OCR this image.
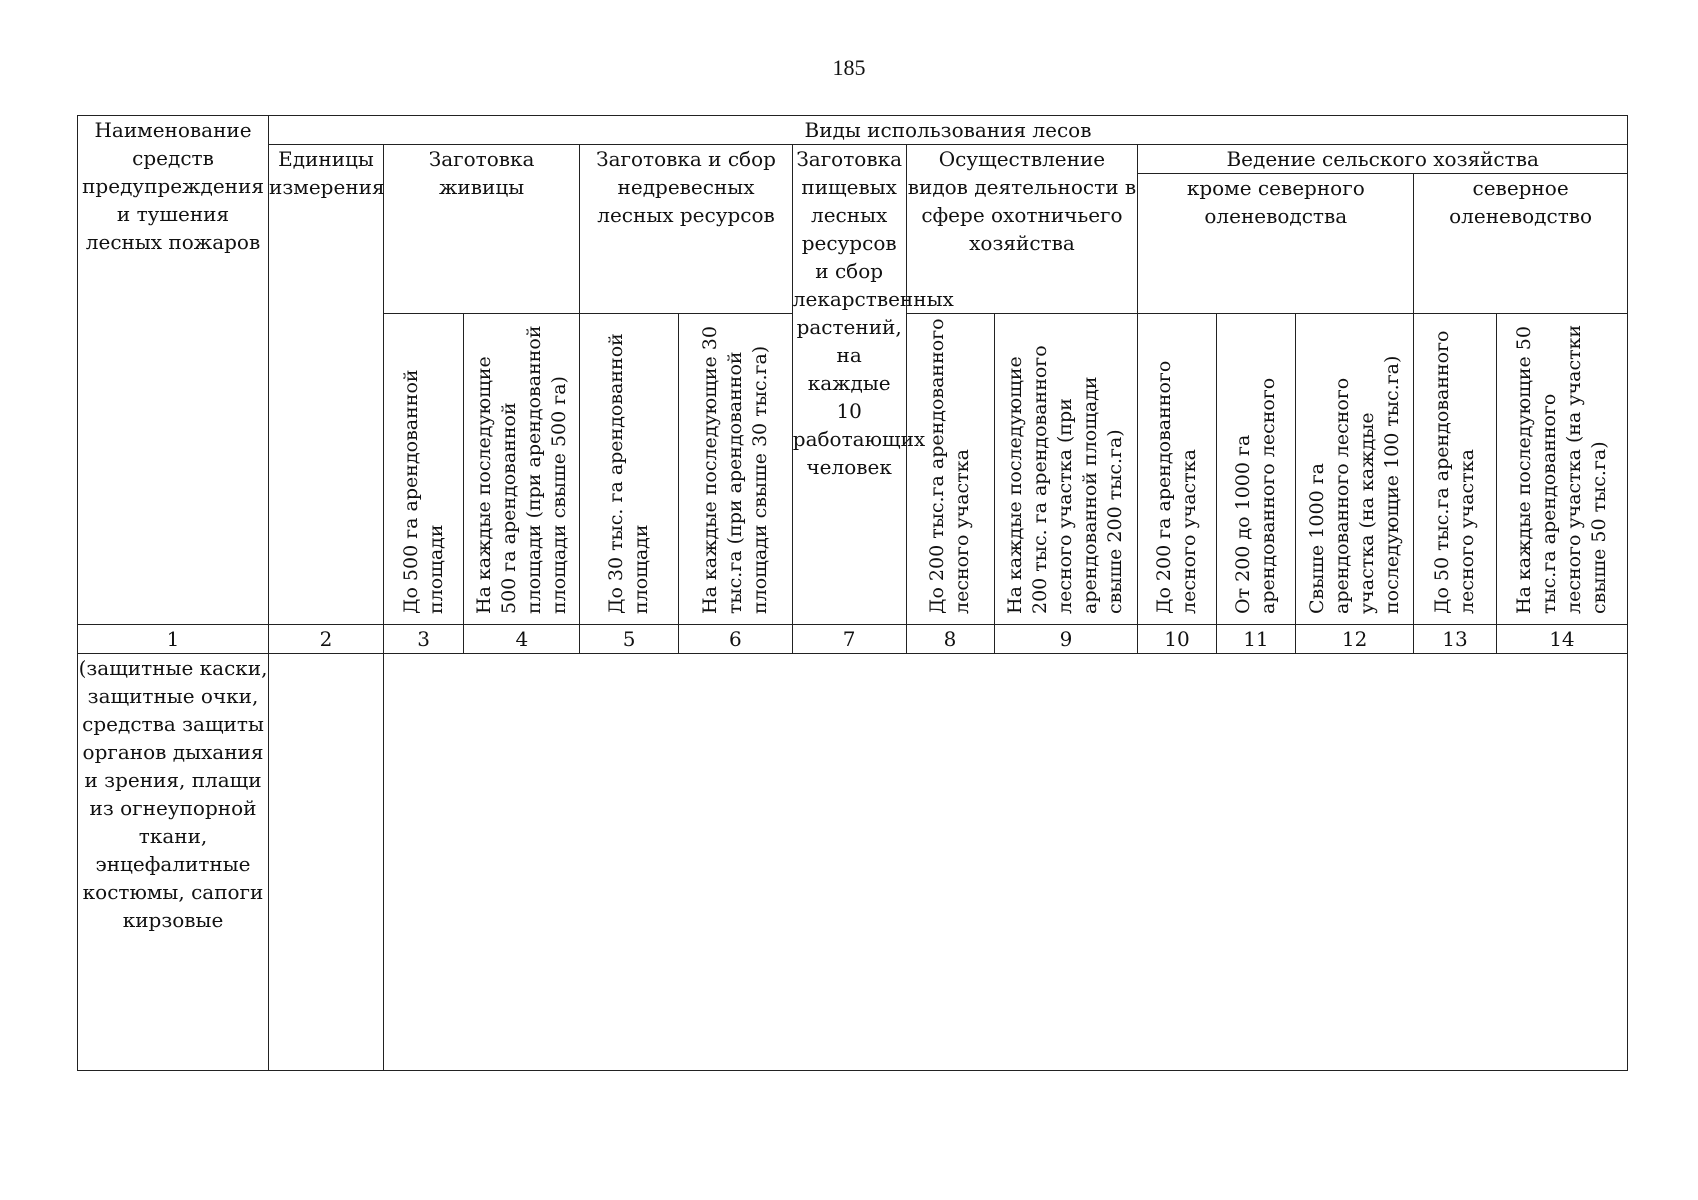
185
Наименование средств предупреждения и тушения лесных пожаров	Виды использования лесов												
	Единицы измерения	Заготовка живицы		Заготовка и сбор недревесных лесных ресурсов		Заготовка пищевых лесных ресурсов и сбор лекарственных растений, на каждые 10 работающих человек	Осуществление видов деятельности в сфере охотничьего хозяйства		Ведение сельского хозяйства				
									кроме северного оленеводства			северное оленеводство	

		До 500 га арендованной площади	На каждые последующие 500 га арендованной площади (при арендованной площади свыше 500 га)	До 30 тыс. га арендованной площади	На каждые последующие 30 тыс.га (при арендованной площади свыше 30 тыс.га)		До 200 тыс.га арендованного лесного участка	На каждые последующие 200 тыс. га арендованного лесного участка (при арендованной площади свыше 200 тыс.га)	До 200 га арендованного лесного участка	От 200 до 1000 га арендованного лесного	Свыше 1000 га арендованного лесного участка (на каждые последующие 100 тыс.га)	До 50 тыс.га арендованного лесного участка	На каждые последующие 50 тыс.га арендованного лесного участка (на участки свыше 50 тыс.га)

1	2	3	4	5	6	7	8	9	10	11	12	13	14
(защитные каски, защитные очки, средства защиты органов дыхания и зрения, плащи из огнеупорной ткани, энцефалитные костюмы, сапоги кирзовые													
